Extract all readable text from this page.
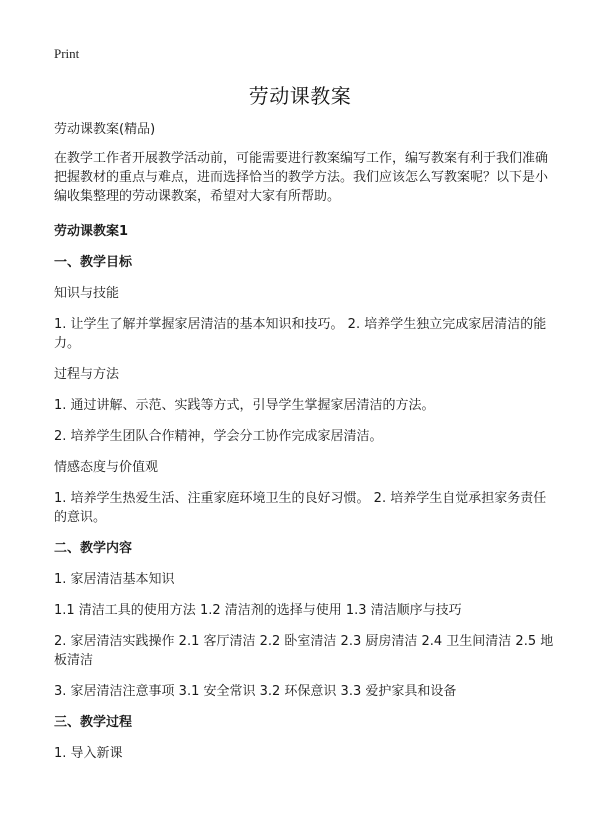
Print
劳动课教案

劳动课教案(精品)

在教学工作者开展教学活动前，可能需要进行教案编写工作，编写教案有利于我们准确把握教材的重点与难点，进而选择恰当的教学方法。我们应该怎么写教案呢？以下是小编收集整理的劳动课教案，希望对大家有所帮助。

劳动课教案1

一、教学目标

知识与技能

1. 让学生了解并掌握家居清洁的基本知识和技巧。 2. 培养学生独立完成家居清洁的能力。

过程与方法

1. 通过讲解、示范、实践等方式，引导学生掌握家居清洁的方法。

2. 培养学生团队合作精神，学会分工协作完成家居清洁。

情感态度与价值观

1. 培养学生热爱生活、注重家庭环境卫生的良好习惯。 2. 培养学生自觉承担家务责任的意识。

二、教学内容

1. 家居清洁基本知识

1.1 清洁工具的使用方法 1.2 清洁剂的选择与使用 1.3 清洁顺序与技巧

2. 家居清洁实践操作 2.1 客厅清洁 2.2 卧室清洁 2.3 厨房清洁 2.4 卫生间清洁 2.5 地板清洁

3. 家居清洁注意事项 3.1 安全常识 3.2 环保意识 3.3 爱护家具和设备

三、教学过程

1. 导入新课
